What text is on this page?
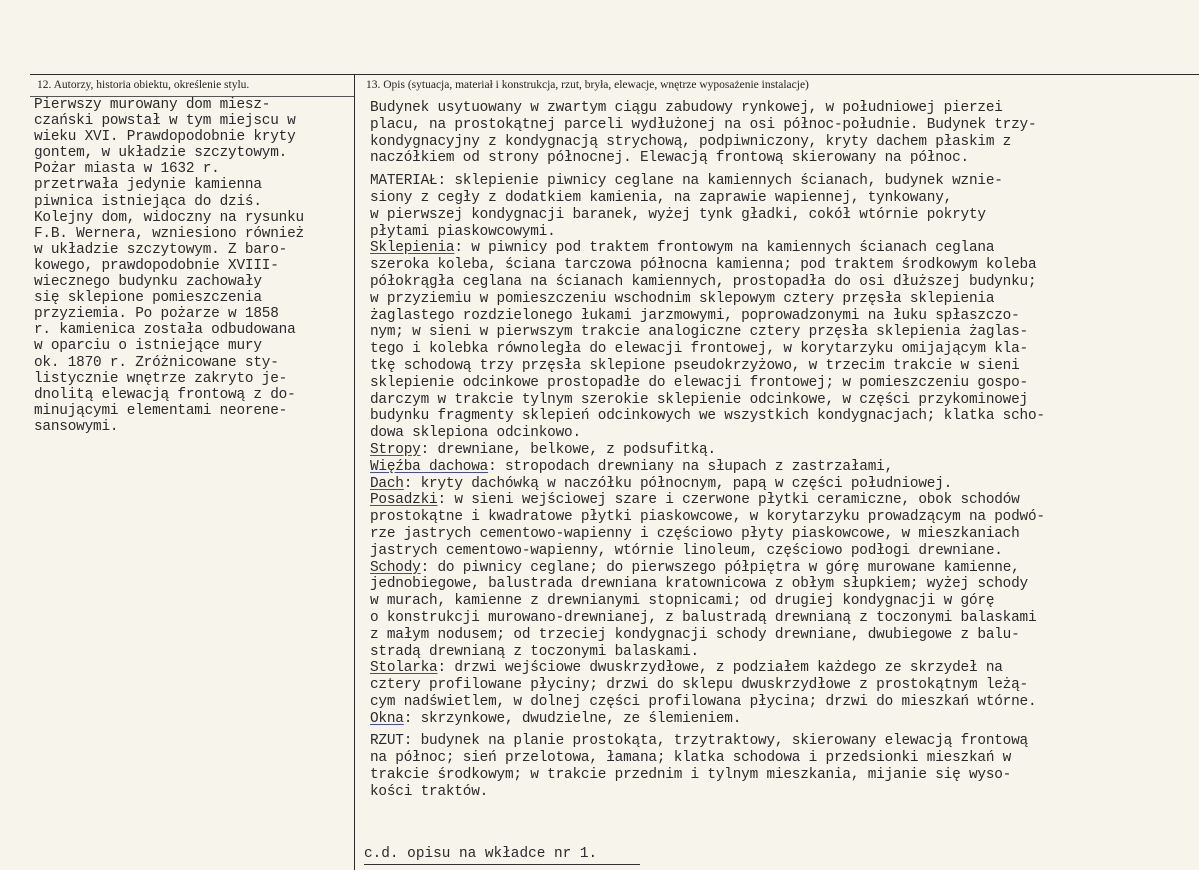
12. Autorzy, historia obiektu, określenie stylu.	13. Opis (sytuacja, materiał i konstrukcja, rzut, bryła, elewacje, wnętrze wyposażenie instalacje)
Pierwszy murowany dom miesz-
czański powstał w tym miejscu w
wieku XVI. Prawdopodobnie kryty
gontem, w układzie szczytowym.
Pożar miasta w 1632 r.
przetrwała jedynie kamienna
piwnica istniejąca do dziś.
Kolejny dom, widoczny na rysunku
F.B. Wernera, wzniesiono również
w układzie szczytowym. Z baro-
kowego, prawdopodobnie XVIII-
wiecznego budynku zachowały
się sklepione pomieszczenia
przyziemia. Po pożarze w 1858
r. kamienica została odbudowana
w oparciu o istniejące mury
ok. 1870 r. Zróżnicowane sty-
listycznie wnętrze zakryto je-
dnolitą elewacją frontową z do-
minującymi elementami neorene-
sansowymi.
Budynek usytuowany w zwartym ciągu zabudowy rynkowej, w południowej pierzei
placu, na prostokątnej parceli wydłużonej na osi północ-południe. Budynek trzy-
kondygnacyjny z kondygnacją strychową, podpiwniczony, kryty dachem płaskim z
naczółkiem od strony północnej. Elewacją frontową skierowany na północ.
MATERIAŁ: sklepienie piwnicy ceglane na kamiennych ścianach, budynek wznie-
siony z cegły z dodatkiem kamienia, na zaprawie wapiennej, tynkowany,
w pierwszej kondygnacji baranek, wyżej tynk gładki, cokół wtórnie pokryty
płytami piaskowcowymi.
Sklepienia: w piwnicy pod traktem frontowym na kamiennych ścianach ceglana
szeroka koleba, ściana tarczowa północna kamienna; pod traktem środkowym koleba
półokrągła ceglana na ścianach kamiennych, prostopadła do osi dłuższej budynku;
w przyziemiu w pomieszczeniu wschodnim sklepowym cztery przęsła sklepienia
żaglastego rozdzielonego łukami jarzmowymi, poprowadzonymi na łuku spłaszczo-
nym; w sieni w pierwszym trakcie analogiczne cztery przęsła sklepienia żaglas-
tego i kolebka równoległa do elewacji frontowej, w korytarzyku omijającym kla-
tkę schodową trzy przęsła sklepione pseudokrzyżowo, w trzecim trakcie w sieni
sklepienie odcinkowe prostopadłe do elewacji frontowej; w pomieszczeniu gospo-
darczym w trakcie tylnym szerokie sklepienie odcinkowe, w części przykominowej
budynku fragmenty sklepień odcinkowych we wszystkich kondygnacjach; klatka scho-
dowa sklepiona odcinkowo.
Stropy: drewniane, belkowe, z podsufitką.
Więźba dachowa: stropodach drewniany na słupach z zastrzałami,
Dach: kryty dachówką w naczółku północnym, papą w części południowej.
Posadzki: w sieni wejściowej szare i czerwone płytki ceramiczne, obok schodów
prostokątne i kwadratowe płytki piaskowcowe, w korytarzyku prowadzącym na podwó-
rze jastrych cementowo-wapienny i częściowo płyty piaskowcowe, w mieszkaniach
jastrych cementowo-wapienny, wtórnie linoleum, częściowo podłogi drewniane.
Schody: do piwnicy ceglane; do pierwszego półpiętra w górę murowane kamienne,
jednobiegowe, balustrada drewniana kratownicowa z obłym słupkiem; wyżej schody
w murach, kamienne z drewnianymi stopnicami; od drugiej kondygnacji w górę
o konstrukcji murowano-drewnianej, z balustradą drewnianą z toczonymi balaskami
z małym nodusem; od trzeciej kondygnacji schody drewniane, dwubiegowe z balu-
stradą drewnianą z toczonymi balaskami.
Stolarka: drzwi wejściowe dwuskrzydłowe, z podziałem każdego ze skrzydeł na
cztery profilowane płyciny; drzwi do sklepu dwuskrzydłowe z prostokątnym leżą-
cym nadświetlem, w dolnej części profilowana płycina; drzwi do mieszkań wtórne.
Okna: skrzynkowe, dwudzielne, ze ślemieniem.
RZUT: budynek na planie prostokąta, trzytraktowy, skierowany elewacją frontową
na północ; sień przelotowa, łamana; klatka schodowa i przedsionki mieszkań w
trakcie środkowym; w trakcie przednim i tylnym mieszkania, mijanie się wyso-
kości traktów.
c.d. opisu na wkładce nr 1.
